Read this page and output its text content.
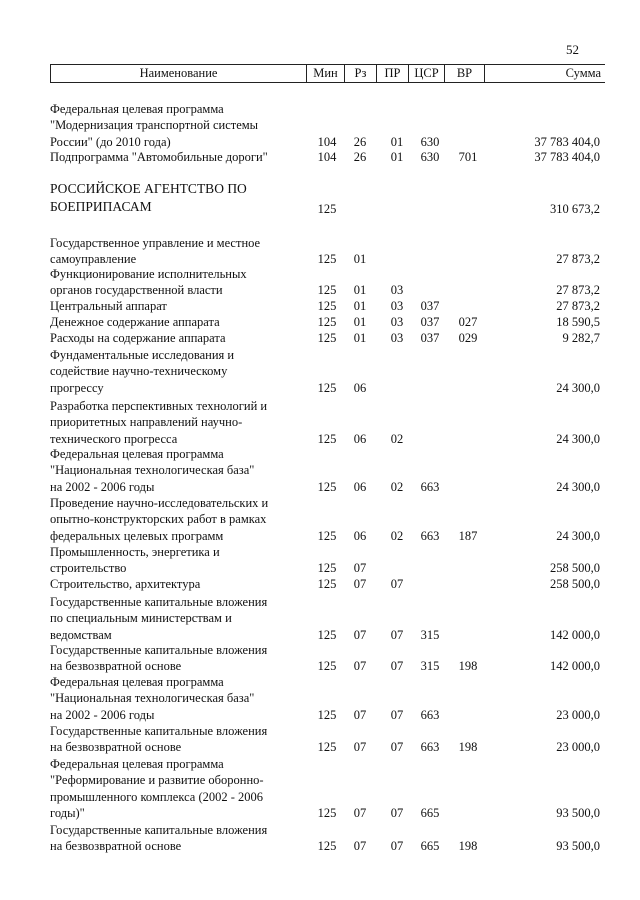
52
Наименование	Мин	Рз	ПР	ЦСР	ВР	Сумма
Федеральная целевая программа
"Модернизация транспортной системы
России" (до 2010 года)	104	26	01	630	37 783 404,0
Подпрограмма "Автомобильные дороги"	104	26	01	630	701	37 783 404,0
РОССИЙСКОЕ АГЕНТСТВО ПО
БОЕПРИПАСАМ	125	310 673,2
Государственное управление и местное
самоуправление	125	01	27 873,2
Функционирование исполнительных
органов государственной власти	125	01	03	27 873,2
Центральный аппарат	125	01	03	037	27 873,2
Денежное содержание аппарата	125	01	03	037	027	18 590,5
Расходы на содержание аппарата	125	01	03	037	029	9 282,7
Фундаментальные исследования и
содействие научно-техническому
прогрессу	125	06	24 300,0
Разработка перспективных технологий и
приоритетных направлений научно-
технического прогресса	125	06	02	24 300,0
Федеральная целевая программа
"Национальная технологическая база"
на 2002 - 2006 годы	125	06	02	663	24 300,0
Проведение научно-исследовательских и
опытно-конструкторских работ в рамках
федеральных целевых программ	125	06	02	663	187	24 300,0
Промышленность, энергетика и
строительство	125	07	258 500,0
Строительство, архитектура	125	07	07	258 500,0
Государственные капитальные вложения
по специальным министерствам и
ведомствам	125	07	07	315	142 000,0
Государственные капитальные вложения
на безвозвратной основе	125	07	07	315	198	142 000,0
Федеральная целевая программа
"Национальная технологическая база"
на 2002 - 2006 годы	125	07	07	663	23 000,0
Государственные капитальные вложения
на безвозвратной основе	125	07	07	663	198	23 000,0
Федеральная целевая программа
"Реформирование и развитие оборонно-
промышленного комплекса (2002 - 2006
годы)"	125	07	07	665	93 500,0
Государственные капитальные вложения
на безвозвратной основе	125	07	07	665	198	93 500,0
